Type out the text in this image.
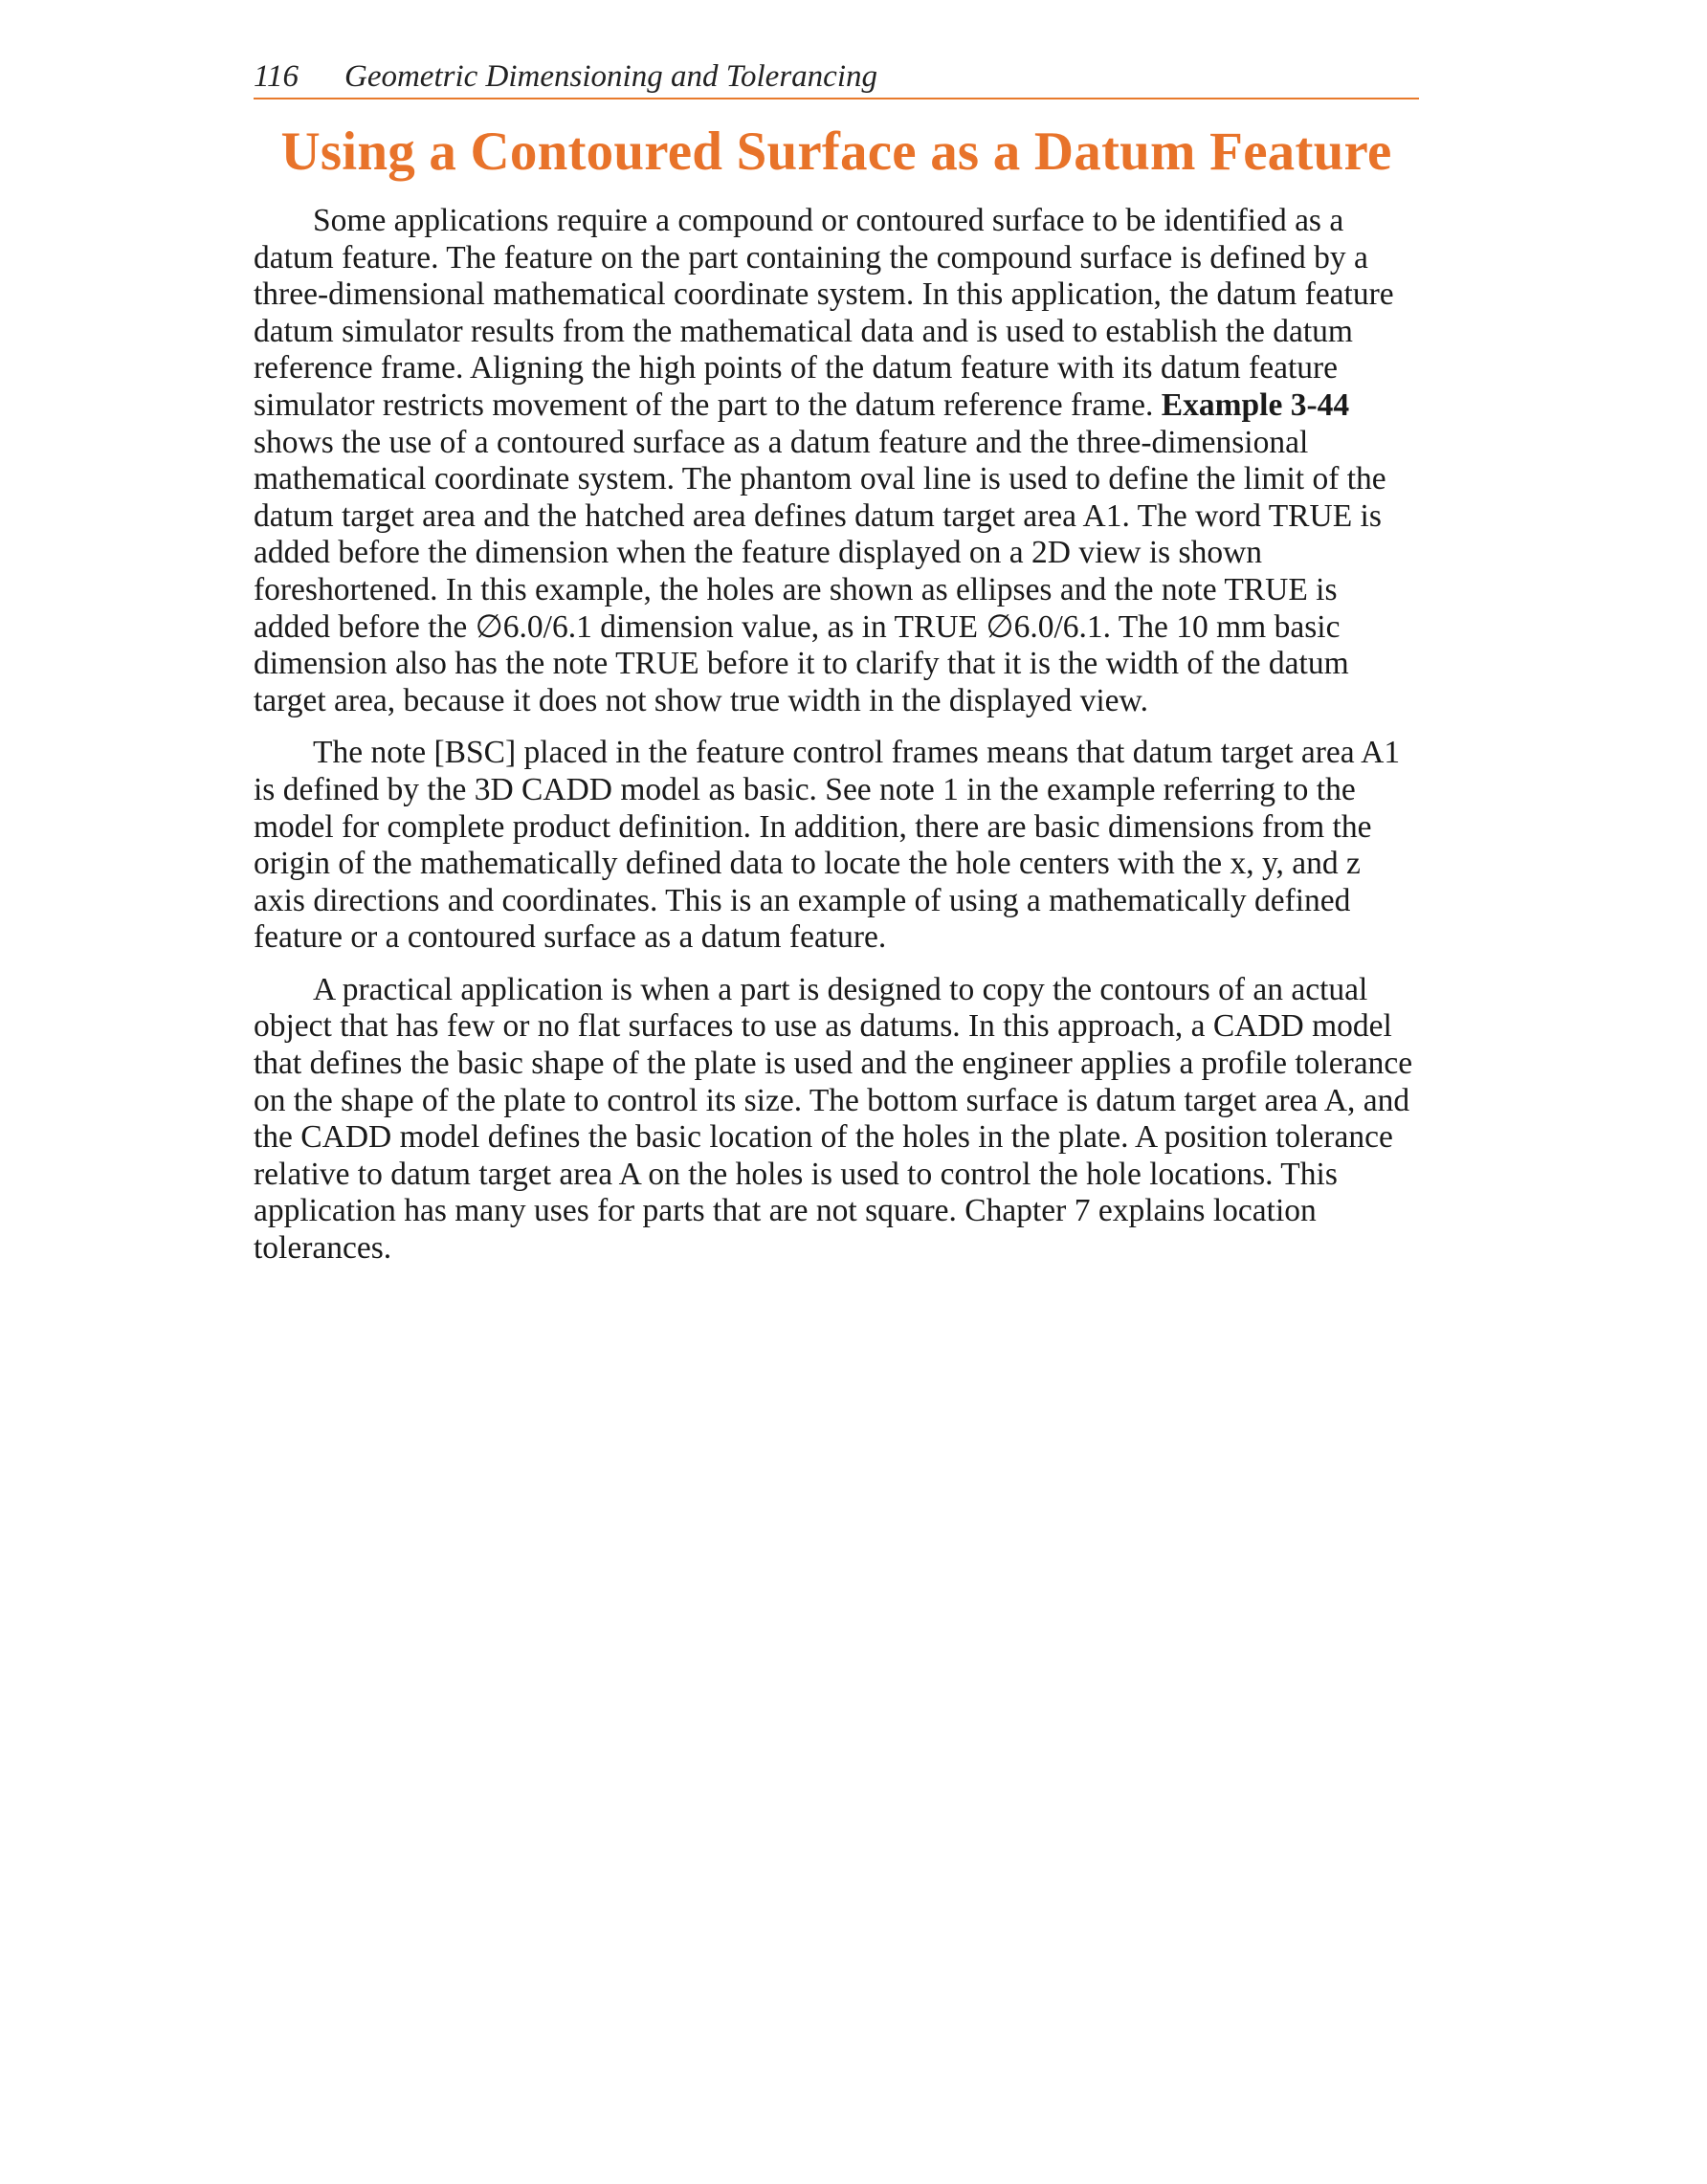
116	Geometric Dimensioning and Tolerancing
Using a Contoured Surface as a Datum Feature

Some applications require a compound or contoured surface to be identified as a datum feature. The feature on the part containing the compound surface is defined by a three-dimensional mathematical coordinate system. In this application, the datum feature datum simulator results from the mathematical data and is used to establish the datum reference frame. Aligning the high points of the datum feature with its datum feature simulator restricts movement of the part to the datum reference frame. Example 3-44 shows the use of a contoured surface as a datum feature and the three-dimensional mathematical coordinate system. The phantom oval line is used to define the limit of the datum target area and the hatched area defines datum target area A1. The word TRUE is added before the dimension when the feature displayed on a 2D view is shown foreshortened. In this example, the holes are shown as ellipses and the note TRUE is added before the ∅6.0/6.1 dimension value, as in TRUE ∅6.0/6.1. The 10 mm basic dimension also has the note TRUE before it to clarify that it is the width of the datum target area, because it does not show true width in the displayed view.

The note [BSC] placed in the feature control frames means that datum target area A1 is defined by the 3D CADD model as basic. See note 1 in the example referring to the model for complete product definition. In addition, there are basic dimensions from the origin of the mathematically defined data to locate the hole centers with the x, y, and z axis directions and coordinates. This is an example of using a mathematically defined feature or a contoured surface as a datum feature.

A practical application is when a part is designed to copy the contours of an actual object that has few or no flat surfaces to use as datums. In this approach, a CADD model that defines the basic shape of the plate is used and the engineer applies a profile tolerance on the shape of the plate to control its size. The bottom surface is datum target area A, and the CADD model defines the basic location of the holes in the plate. A position tolerance relative to datum target area A on the holes is used to control the hole locations. This application has many uses for parts that are not square. Chapter 7 explains location tolerances.
